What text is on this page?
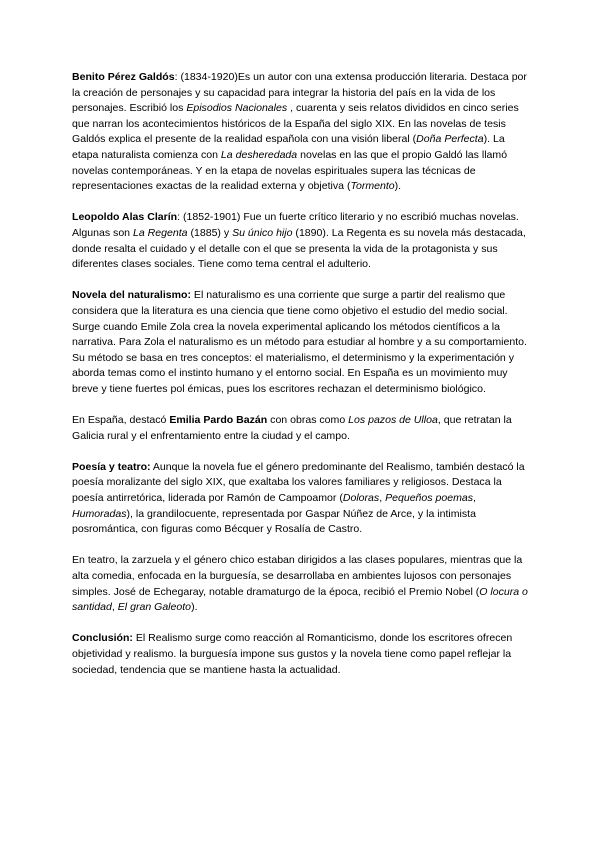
Benito Pérez Galdós: (1834-1920)Es un autor con una extensa producción literaria. Destaca por la creación de personajes y su capacidad para integrar la historia del país en la vida de los personajes. Escribió los Episodios Nacionales , cuarenta y seis relatos divididos en cinco series que narran los acontecimientos históricos de la España del siglo XIX. En las novelas de tesis Galdós explica el presente de la realidad española con una visión liberal (Doña Perfecta). La etapa naturalista comienza con La desheredada novelas en las que el propio Galdó las llamó novelas contemporáneas. Y en la etapa de novelas espirituales supera las técnicas de representaciones exactas de la realidad externa y objetiva (Tormento).

Leopoldo Alas Clarín: (1852-1901) Fue un fuerte crítico literario y no escribió muchas novelas. Algunas son La Regenta (1885) y Su único hijo (1890). La Regenta es su novela más destacada, donde resalta el cuidado y el detalle con el que se presenta la vida de la protagonista y sus diferentes clases sociales. Tiene como tema central el adulterio.

Novela del naturalismo: El naturalismo es una corriente que surge a partir del realismo que considera que la literatura es una ciencia que tiene como objetivo el estudio del medio social. Surge cuando Emile Zola crea la novela experimental aplicando los métodos científicos a la narrativa. Para Zola el naturalismo es un método para estudiar al hombre y a su comportamiento. Su método se basa en tres conceptos: el materialismo, el determinismo y la experimentación y aborda temas como el instinto humano y el entorno social. En España es un movimiento muy breve y tiene fuertes pol émicas, pues los escritores rechazan el determinismo biológico.

En España, destacó Emilia Pardo Bazán con obras como Los pazos de Ulloa, que retratan la Galicia rural y el enfrentamiento entre la ciudad y el campo.

Poesía y teatro: Aunque la novela fue el género predominante del Realismo, también destacó la poesía moralizante del siglo XIX, que exaltaba los valores familiares y religiosos. Destaca la poesía antirretórica, liderada por Ramón de Campoamor (Doloras, Pequeños poemas, Humoradas), la grandilocuente, representada por Gaspar Núñez de Arce, y la intimista posromántica, con figuras como Bécquer y Rosalía de Castro.

En teatro, la zarzuela y el género chico estaban dirigidos a las clases populares, mientras que la alta comedia, enfocada en la burguesía, se desarrollaba en ambientes lujosos con personajes simples. José de Echegaray, notable dramaturgo de la época, recibió el Premio Nobel (O locura o santidad, El gran Galeoto).

Conclusión: El Realismo surge como reacción al Romanticismo, donde los escritores ofrecen objetividad y realismo. la burguesía impone sus gustos y la novela tiene como papel reflejar la sociedad, tendencia que se mantiene hasta la actualidad.
